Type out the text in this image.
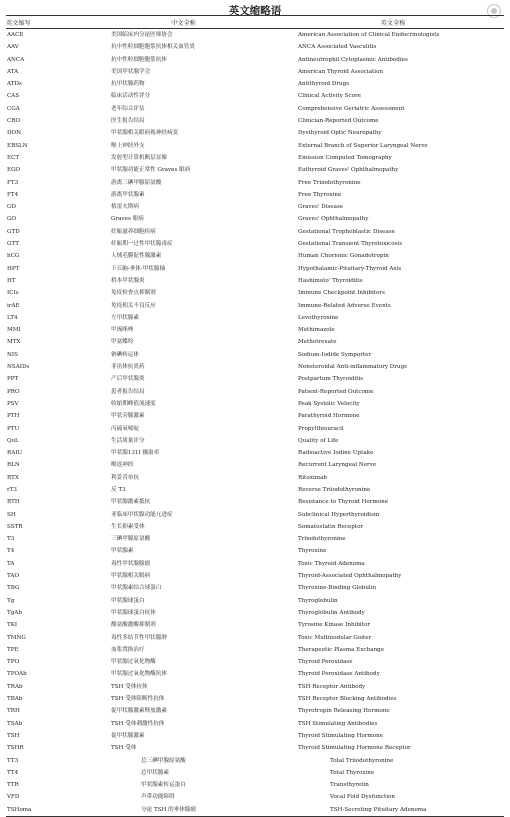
英文缩略语
英文缩写	中文全称	英文全称
AACE	美国临床内分泌医师协会	American Association of Clinical Endocrinologists
AAV	抗中性粒细胞胞浆抗体相关血管炎	ANCA Associated Vasculitis
ANCA	抗中性粒细胞胞浆抗体	Antineutrophil Cytoplasmic Antibodies
ATA	美国甲状腺学会	American Thyroid Association
ATDs	抗甲状腺药物	Antithyroid Drugs
CAS	临床活动性评分	Clinical Activity Score
CGA	老年综合评估	Comprehensive Geriatric Assessment
CRO	医生报告结局	Clinician-Reported Outcome
DON	甲状腺相关眼病视神经病变	Dysthyroid Optic Neuropathy
EBSLN	喉上神经外支	External Branch of Superior Laryngeal Nerve
ECT	发射型计算机断层显像	Emission Computed Tomography
EGO	甲状腺功能正常性 Graves 眼病	Euthyroid Graves' Ophthalmopathy
FT3	游离三碘甲腺原氨酸	Free Triiodothyronine
FT4	游离甲状腺素	Free Thyroxine
GD	格雷夫斯病	Graves' Disease
GO	Graves 眼病	Graves' Ophthalmopathy
GTD	妊娠滋养细胞疾病	Gestational Trophoblastic Disease
GTT	妊娠期一过性甲状腺毒症	Gestational Transient Thyrotoxicosis
hCG	人绒毛膜促性腺激素	Human Chorionic Gonadotropin
HPT	下丘脑-垂体-甲状腺轴	Hypothalamic-Pituitary-Thyroid Axis
HT	桥本甲状腺炎	Hashimoto' Thyroiditis
ICIs	免疫检查点抑制剂	Immune Checkpoint Inhibitors
irAE	免疫相关不良反应	Immune-Related Adverse Events
LT4	左甲状腺素	Levothyroxine
MMI	甲巯咪唑	Methimazole
MTX	甲氨蝶呤	Methotrexate
NIS	钠碘转运体	Sodium-Iodide Symporter
NSAIDs	非甾体抗炎药	Nonsteroidal Anti-inflammatory Drugs
PPT	产后甲状腺炎	Postpartum Thyroiditis
PRO	患者报告结局	Patient-Reported Outcome
PSV	收缩期峰值流速度	Peak Systolic Velocity
PTH	甲状旁腺激素	Parathyroid Hormone
PTU	丙硫氧嘧啶	Propylthiouracil
QoL	生活质量评分	Quality of Life
RAIU	甲状腺131I 摄取率	Radioactive Iodine Uptake
RLN	喉返神经	Recurrent Laryngeal Nerve
RTX	利妥昔单抗	Rituximab
rT3	反 T3	Reverse Triiodothyronine
RTH	甲状腺激素抵抗	Resistance to Thyroid Hormone
SH	亚临床甲状腺功能亢进症	Subclinical Hyperthyroidism
SSTR	生长抑素受体	Somatostatin Receptor
T3	三碘甲腺原氨酸	Triiodothyronine
T4	甲状腺素	Thyroxine
TA	毒性甲状腺腺瘤	Toxic Thyroid Adenoma
TAO	甲状腺相关眼病	Thyroid-Associated Ophthalmopathy
TBG	甲状腺素结合球蛋白	Thyroxine-Binding Globulin
Tg	甲状腺球蛋白	Thyroglobulin
TgAb	甲状腺球蛋白抗体	Thyroglobulin Antibody
TKI	酪氨酸激酶抑制剂	Tyrosine Kinase Inhibitor
TMNG	毒性多结节性甲状腺肿	Toxic Multinodular Goiter
TPE	血浆置换治疗	Therapeutic Plasma Exchange
TPO	甲状腺过氧化物酶	Thyroid Peroxidase
TPOAb	甲状腺过氧化物酶抗体	Thyroid Peroxidase Antibody
TRAb	TSH 受体抗体	TSH Receptor Antibody
TBAb	TSH 受体阻断性抗体	TSH Receptor Blocking Antibodies
TRH	促甲状腺激素释放激素	Thyrotropin Releasing Hormone
TSAb	TSH 受体刺激性抗体	TSH Stimulating Antibodies
TSH	促甲状腺激素	Thyroid Stimulating Hormone
TSHR	TSH 受体	Thyroid Stimulating Hormone Receptor
TT3	总三碘甲腺原氨酸	Total Triiodothyronine
TT4	总甲状腺素	Total Thyroxine
TTR	甲状腺素转运蛋白	Transthyretin
VFD	声带功能障碍	Vocal Fold Dysfunction
TSHoma	分泌 TSH 的垂体腺瘤	TSH-Secreting Pituitary Adenoma
